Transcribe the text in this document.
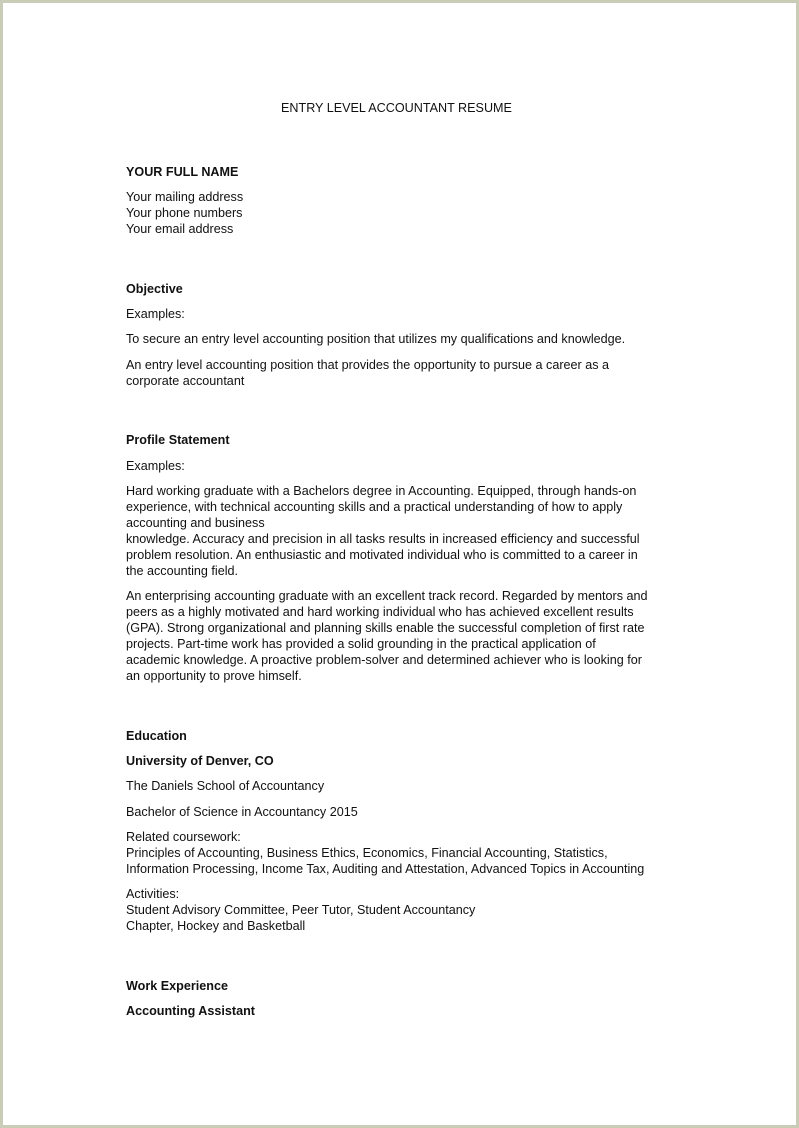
ENTRY LEVEL ACCOUNTANT RESUME
YOUR FULL NAME
Your mailing address
Your phone numbers
Your email address
Objective
Examples:
To secure an entry level accounting position that utilizes my qualifications and knowledge.
An entry level accounting position that provides the opportunity to pursue a career as a
corporate accountant
Profile Statement
Examples:
Hard working graduate with a Bachelors degree in Accounting. Equipped, through hands-on
experience, with technical accounting skills and a practical understanding of how to apply
accounting and business
knowledge. Accuracy and precision in all tasks results in increased efficiency and successful
problem resolution. An enthusiastic and motivated individual who is committed to a career in
the accounting field.
An enterprising accounting graduate with an excellent track record. Regarded by mentors and
peers as a highly motivated and hard working individual who has achieved excellent results
(GPA). Strong organizational and planning skills enable the successful completion of first rate
projects. Part-time work has provided a solid grounding in the practical application of
academic knowledge. A proactive problem-solver and determined achiever who is looking for
an opportunity to prove himself.
Education
University of Denver, CO
The Daniels School of Accountancy
Bachelor of Science in Accountancy 2015
Related coursework:
Principles of Accounting, Business Ethics, Economics, Financial Accounting, Statistics,
Information Processing, Income Tax, Auditing and Attestation, Advanced Topics in Accounting
Activities:
Student Advisory Committee, Peer Tutor, Student Accountancy
Chapter, Hockey and Basketball
Work Experience
Accounting Assistant
